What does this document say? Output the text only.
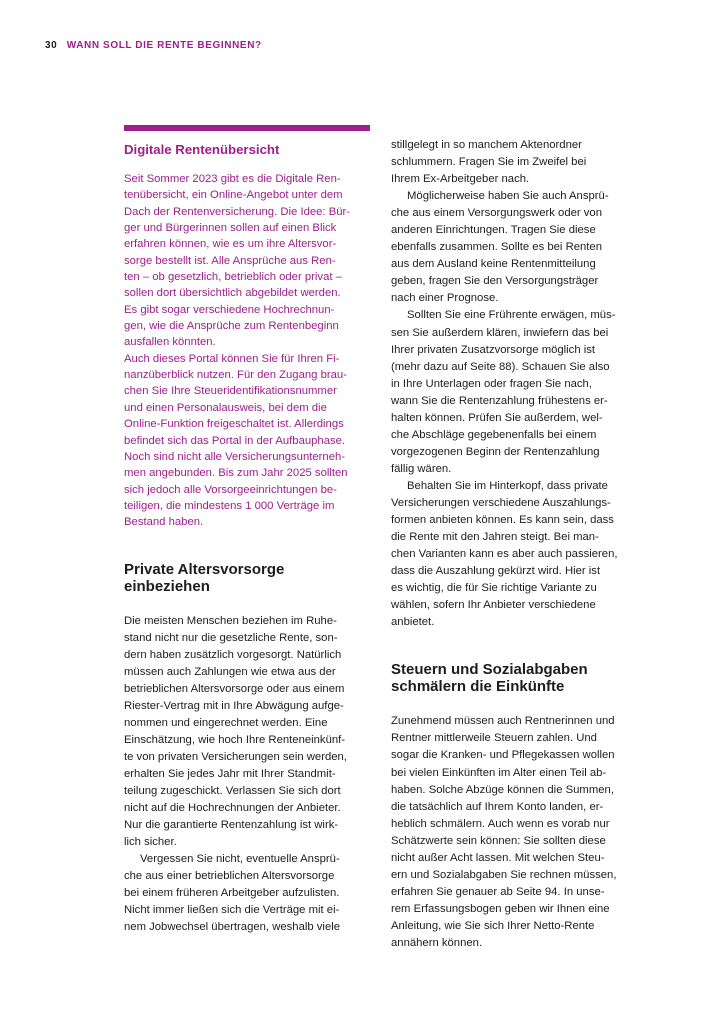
30 WANN SOLL DIE RENTE BEGINNEN?
Digitale Rentenübersicht

Seit Sommer 2023 gibt es die Digitale Ren-
tenübersicht, ein Online-Angebot unter dem
Dach der Rentenversicherung. Die Idee: Bür-
ger und Bürgerinnen sollen auf einen Blick
erfahren können, wie es um ihre Altersvor-
sorge bestellt ist. Alle Ansprüche aus Ren-
ten – ob gesetzlich, betrieblich oder privat –
sollen dort übersichtlich abgebildet werden.
Es gibt sogar verschiedene Hochrechnun-
gen, wie die Ansprüche zum Rentenbeginn
ausfallen könnten.

Auch dieses Portal können Sie für Ihren Fi-
nanzüberblick nutzen. Für den Zugang brau-
chen Sie Ihre Steueridentifikationsnummer
und einen Personalausweis, bei dem die
Online-Funktion freigeschaltet ist. Allerdings
befindet sich das Portal in der Aufbauphase.
Noch sind nicht alle Versicherungsunterneh-
men angebunden. Bis zum Jahr 2025 sollten
sich jedoch alle Vorsorgeeinrichtungen be-
teiligen, die mindestens 1 000 Verträge im
Bestand haben.

Private Altersvorsorge
einbeziehen

Die meisten Menschen beziehen im Ruhe-
stand nicht nur die gesetzliche Rente, son-
dern haben zusätzlich vorgesorgt. Natürlich
müssen auch Zahlungen wie etwa aus der
betrieblichen Altersvorsorge oder aus einem
Riester-Vertrag mit in Ihre Abwägung aufge-
nommen und eingerechnet werden. Eine
Einschätzung, wie hoch Ihre Renteneinkünf-
te von privaten Versicherungen sein werden,
erhalten Sie jedes Jahr mit Ihrer Standmit-
teilung zugeschickt. Verlassen Sie sich dort
nicht auf die Hochrechnungen der Anbieter.
Nur die garantierte Rentenzahlung ist wirk-
lich sicher.

Vergessen Sie nicht, eventuelle Ansprü-
che aus einer betrieblichen Altersvorsorge
bei einem früheren Arbeitgeber aufzulisten.
Nicht immer ließen sich die Verträge mit ei-
nem Jobwechsel übertragen, weshalb viele

stillgelegt in so manchem Aktenordner
schlummern. Fragen Sie im Zweifel bei
Ihrem Ex-Arbeitgeber nach.

Möglicherweise haben Sie auch Ansprü-
che aus einem Versorgungswerk oder von
anderen Einrichtungen. Tragen Sie diese
ebenfalls zusammen. Sollte es bei Renten
aus dem Ausland keine Rentenmitteilung
geben, fragen Sie den Versorgungsträger
nach einer Prognose.

Sollten Sie eine Frührente erwägen, müs-
sen Sie außerdem klären, inwiefern das bei
Ihrer privaten Zusatzvorsorge möglich ist
(mehr dazu auf Seite 88). Schauen Sie also
in Ihre Unterlagen oder fragen Sie nach,
wann Sie die Rentenzahlung frühestens er-
halten können. Prüfen Sie außerdem, wel-
che Abschläge gegebenenfalls bei einem
vorgezogenen Beginn der Rentenzahlung
fällig wären.

Behalten Sie im Hinterkopf, dass private
Versicherungen verschiedene Auszahlungs-
formen anbieten können. Es kann sein, dass
die Rente mit den Jahren steigt. Bei man-
chen Varianten kann es aber auch passieren,
dass die Auszahlung gekürzt wird. Hier ist
es wichtig, die für Sie richtige Variante zu
wählen, sofern Ihr Anbieter verschiedene
anbietet.

Steuern und Sozialabgaben
schmälern die Einkünfte

Zunehmend müssen auch Rentnerinnen und
Rentner mittlerweile Steuern zahlen. Und
sogar die Kranken- und Pflegekassen wollen
bei vielen Einkünften im Alter einen Teil ab-
haben. Solche Abzüge können die Summen,
die tatsächlich auf Ihrem Konto landen, er-
heblich schmälern. Auch wenn es vorab nur
Schätzwerte sein können: Sie sollten diese
nicht außer Acht lassen. Mit welchen Steu-
ern und Sozialabgaben Sie rechnen müssen,
erfahren Sie genauer ab Seite 94. In unse-
rem Erfassungsbogen geben wir Ihnen eine
Anleitung, wie Sie sich Ihrer Netto-Rente
annähern können.
